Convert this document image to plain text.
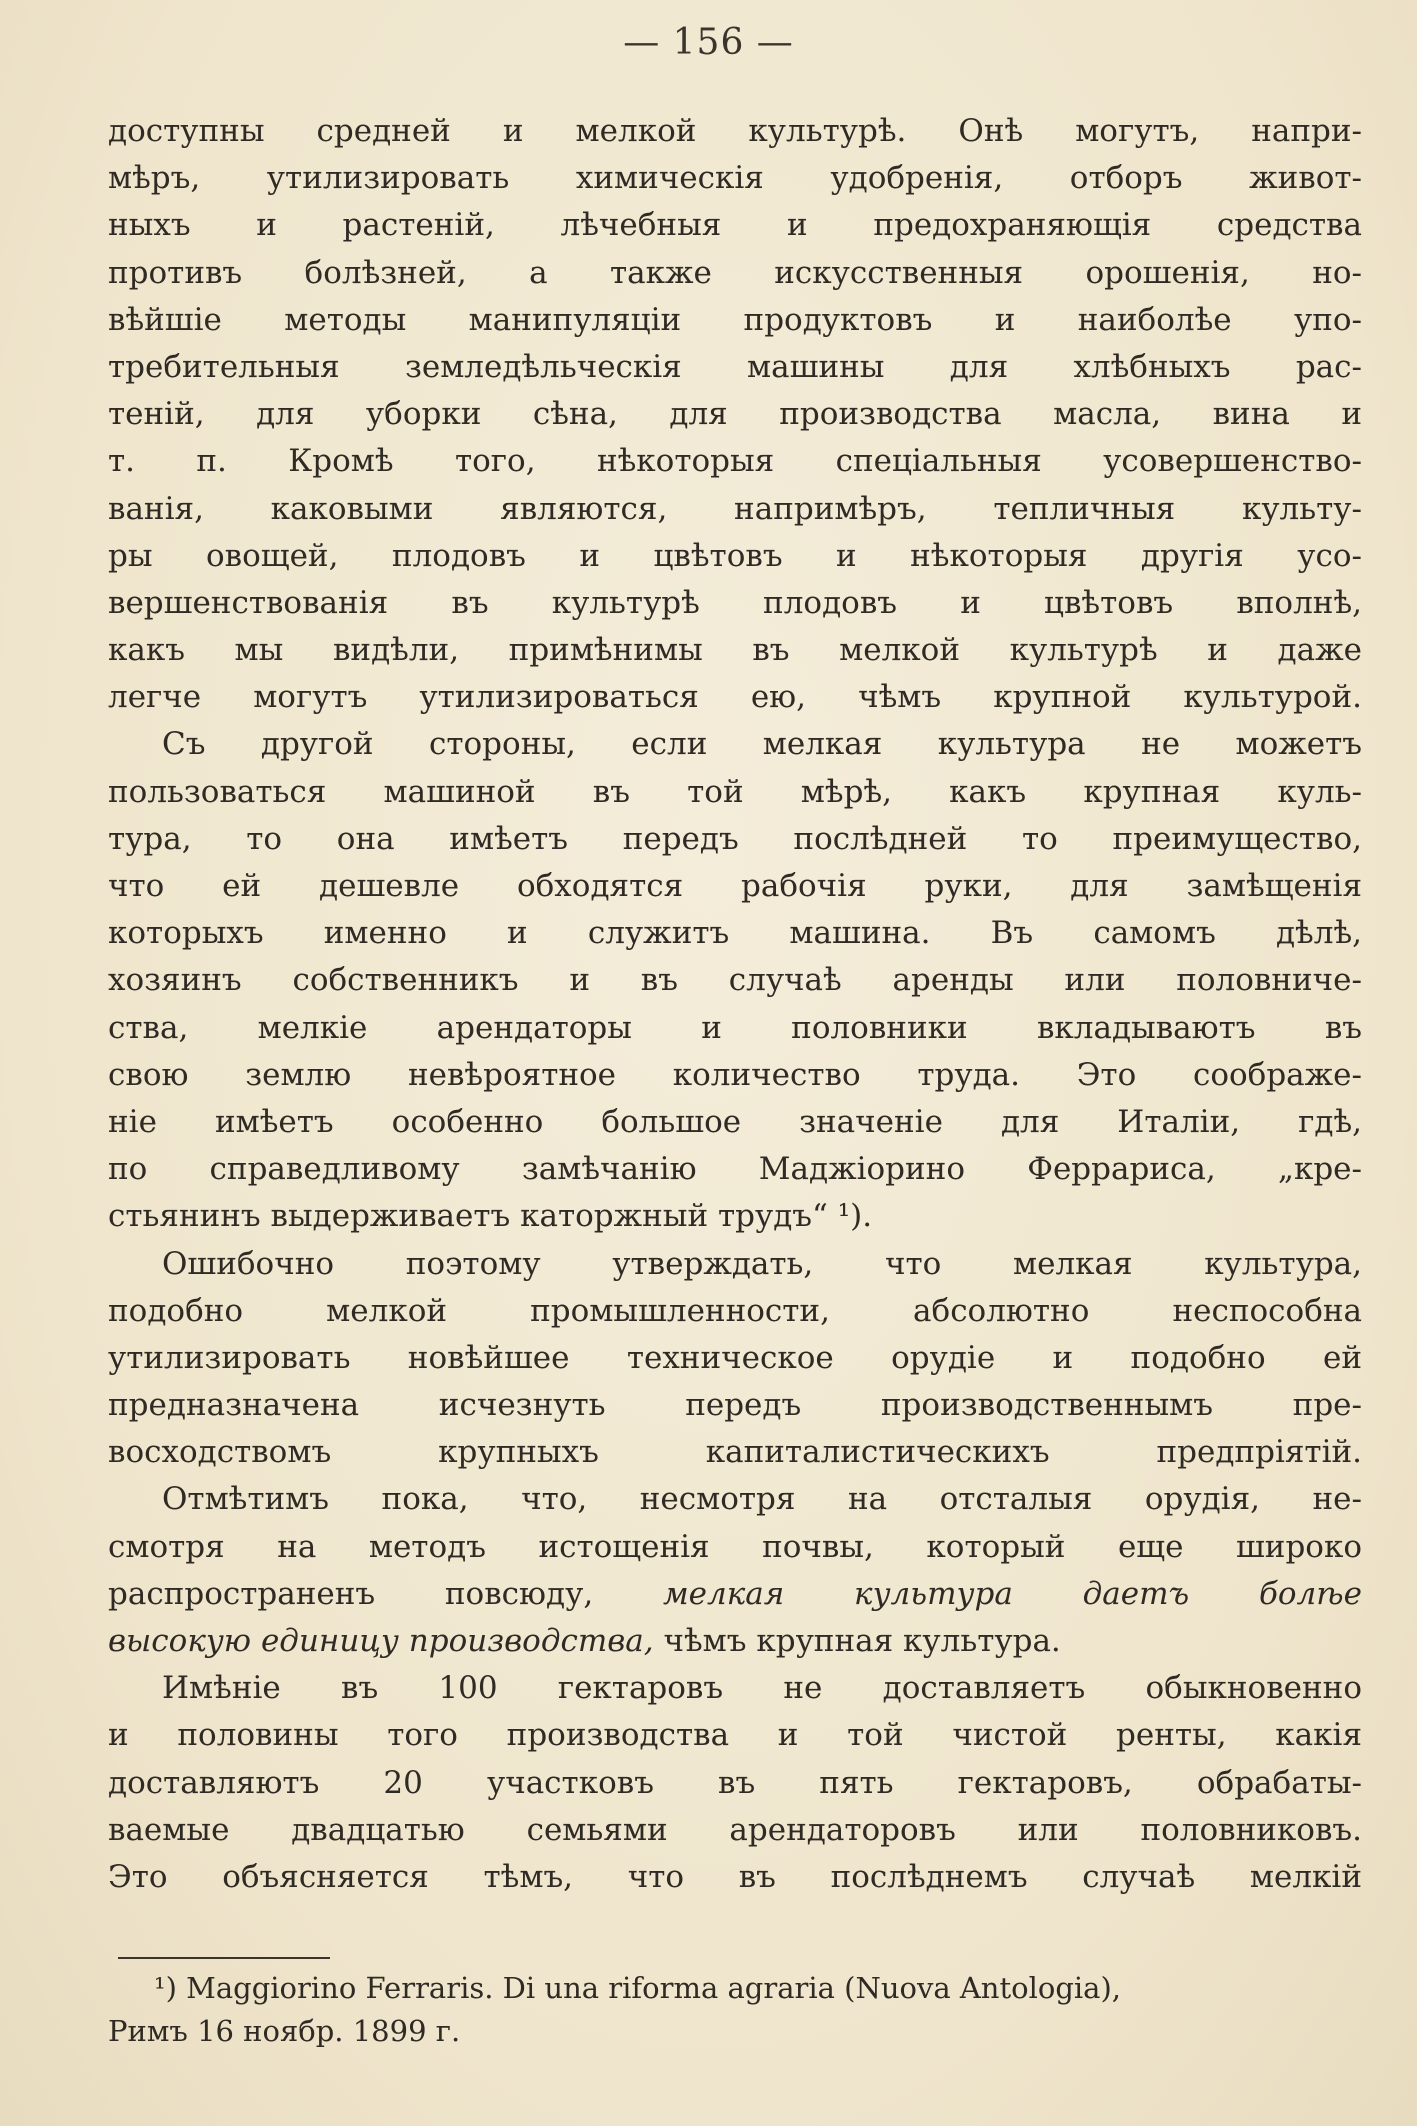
— 156 —
доступны средней и мелкой культурѣ. Онѣ могутъ, напри-
мѣръ, утилизировать химическія удобренія, отборъ живот-
ныхъ и растеній, лѣчебныя и предохраняющія средства
противъ болѣзней, а также искусственныя орошенія, но-
вѣйшіе методы манипуляціи продуктовъ и наиболѣе упо-
требительныя земледѣльческія машины для хлѣбныхъ рас-
теній, для уборки сѣна, для производства масла, вина и
т. п. Кромѣ того, нѣкоторыя спеціальныя усовершенство-
ванія, каковыми являются, напримѣръ, тепличныя культу-
ры овощей, плодовъ и цвѣтовъ и нѣкоторыя другія усо-
вершенствованія въ культурѣ плодовъ и цвѣтовъ вполнѣ,
какъ мы видѣли, примѣнимы въ мелкой культурѣ и даже
легче могутъ утилизироваться ею, чѣмъ крупной культурой.
Съ другой стороны, если мелкая культура не можетъ
пользоваться машиной въ той мѣрѣ, какъ крупная куль-
тура, то она имѣетъ передъ послѣдней то преимущество,
что ей дешевле обходятся рабочія руки, для замѣщенія
которыхъ именно и служитъ машина. Въ самомъ дѣлѣ,
хозяинъ собственникъ и въ случаѣ аренды или половниче-
ства, мелкіе арендаторы и половники вкладываютъ въ
свою землю невѣроятное количество труда. Это соображе-
ніе имѣетъ особенно большое значеніе для Италіи, гдѣ,
по справедливому замѣчанію Маджіорино Феррариса, „кре-
стьянинъ выдерживаетъ каторжный трудъ“ ¹).
Ошибочно поэтому утверждать, что мелкая культура,
подобно мелкой промышленности, абсолютно неспособна
утилизировать новѣйшее техническое орудіе и подобно ей
предназначена исчезнуть передъ производственнымъ пре-
восходствомъ крупныхъ капиталистическихъ предпріятій.
Отмѣтимъ пока, что, несмотря на отсталыя орудія, не-
смотря на методъ истощенія почвы, который еще широко
распространенъ повсюду, мелкая культура даетъ болѣе
высокую единицу производства, чѣмъ крупная культура.
Имѣніе въ 100 гектаровъ не доставляетъ обыкновенно
и половины того производства и той чистой ренты, какія
доставляютъ 20 участковъ въ пять гектаровъ, обрабаты-
ваемые двадцатью семьями арендаторовъ или половниковъ.
Это объясняется тѣмъ, что въ послѣднемъ случаѣ мелкій
¹) Maggiorino Ferraris. Di una riforma agraria (Nuova Antologia),
Римъ 16 ноябр. 1899 г.
